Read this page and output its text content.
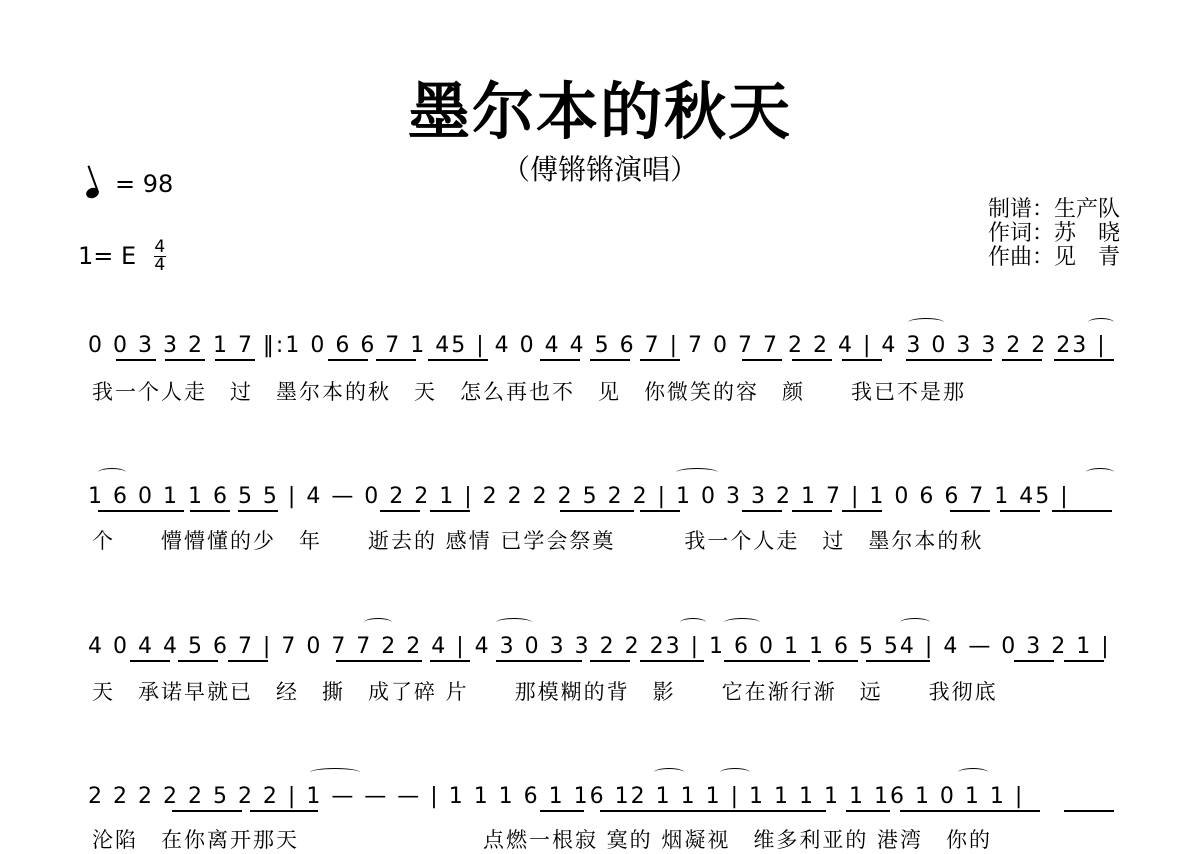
墨尔本的秋天
（傅锵锵演唱）
= 98
1= E $\frac{4}{4}$
制谱：生产队
作词：苏　晓
作曲：见　青
0 0 3 3 2 1 7 ‖:1 0 6 6 7 1 45 | 4 0 4 4 5 6 7 | 7 0 7 7 2 2 4 | 4 3 0 3 3 2 2 23 |
我一个人走　过　墨尔本的秋　天　怎么再也不　见　你微笑的容　颜　　我已不是那
1 6 0 1 1 6 5 5 | 4 — 0 2 2 1 | 2 2 2 2 5 2 2 | 1 0 3 3 2 1 7 | 1 0 6 6 7 1 45 |
个　　懵懵懂的少　年　　逝去的 感情 已学会祭奠　　　我一个人走　过　墨尔本的秋
4 0 4 4 5 6 7 | 7 0 7 7 2 2 4 | 4 3 0 3 3 2 2 23 | 1 6 0 1 1 6 5 54 | 4 — 0 3 2 1 |
天　承诺早就已　经　撕　成了碎 片　　那模糊的背　影　　它在渐行渐　远　　我彻底
2 2 2 2 2 5 2 2 | 1 — — — | 1 1 1 6 1 16 12 1 1 1 | 1 1 1 1 1 16 1 0 1 1 |
沦陷　在你离开那天　　　　　　　　点燃一根寂 寞的 烟凝视　维多利亚的 港湾　你的
